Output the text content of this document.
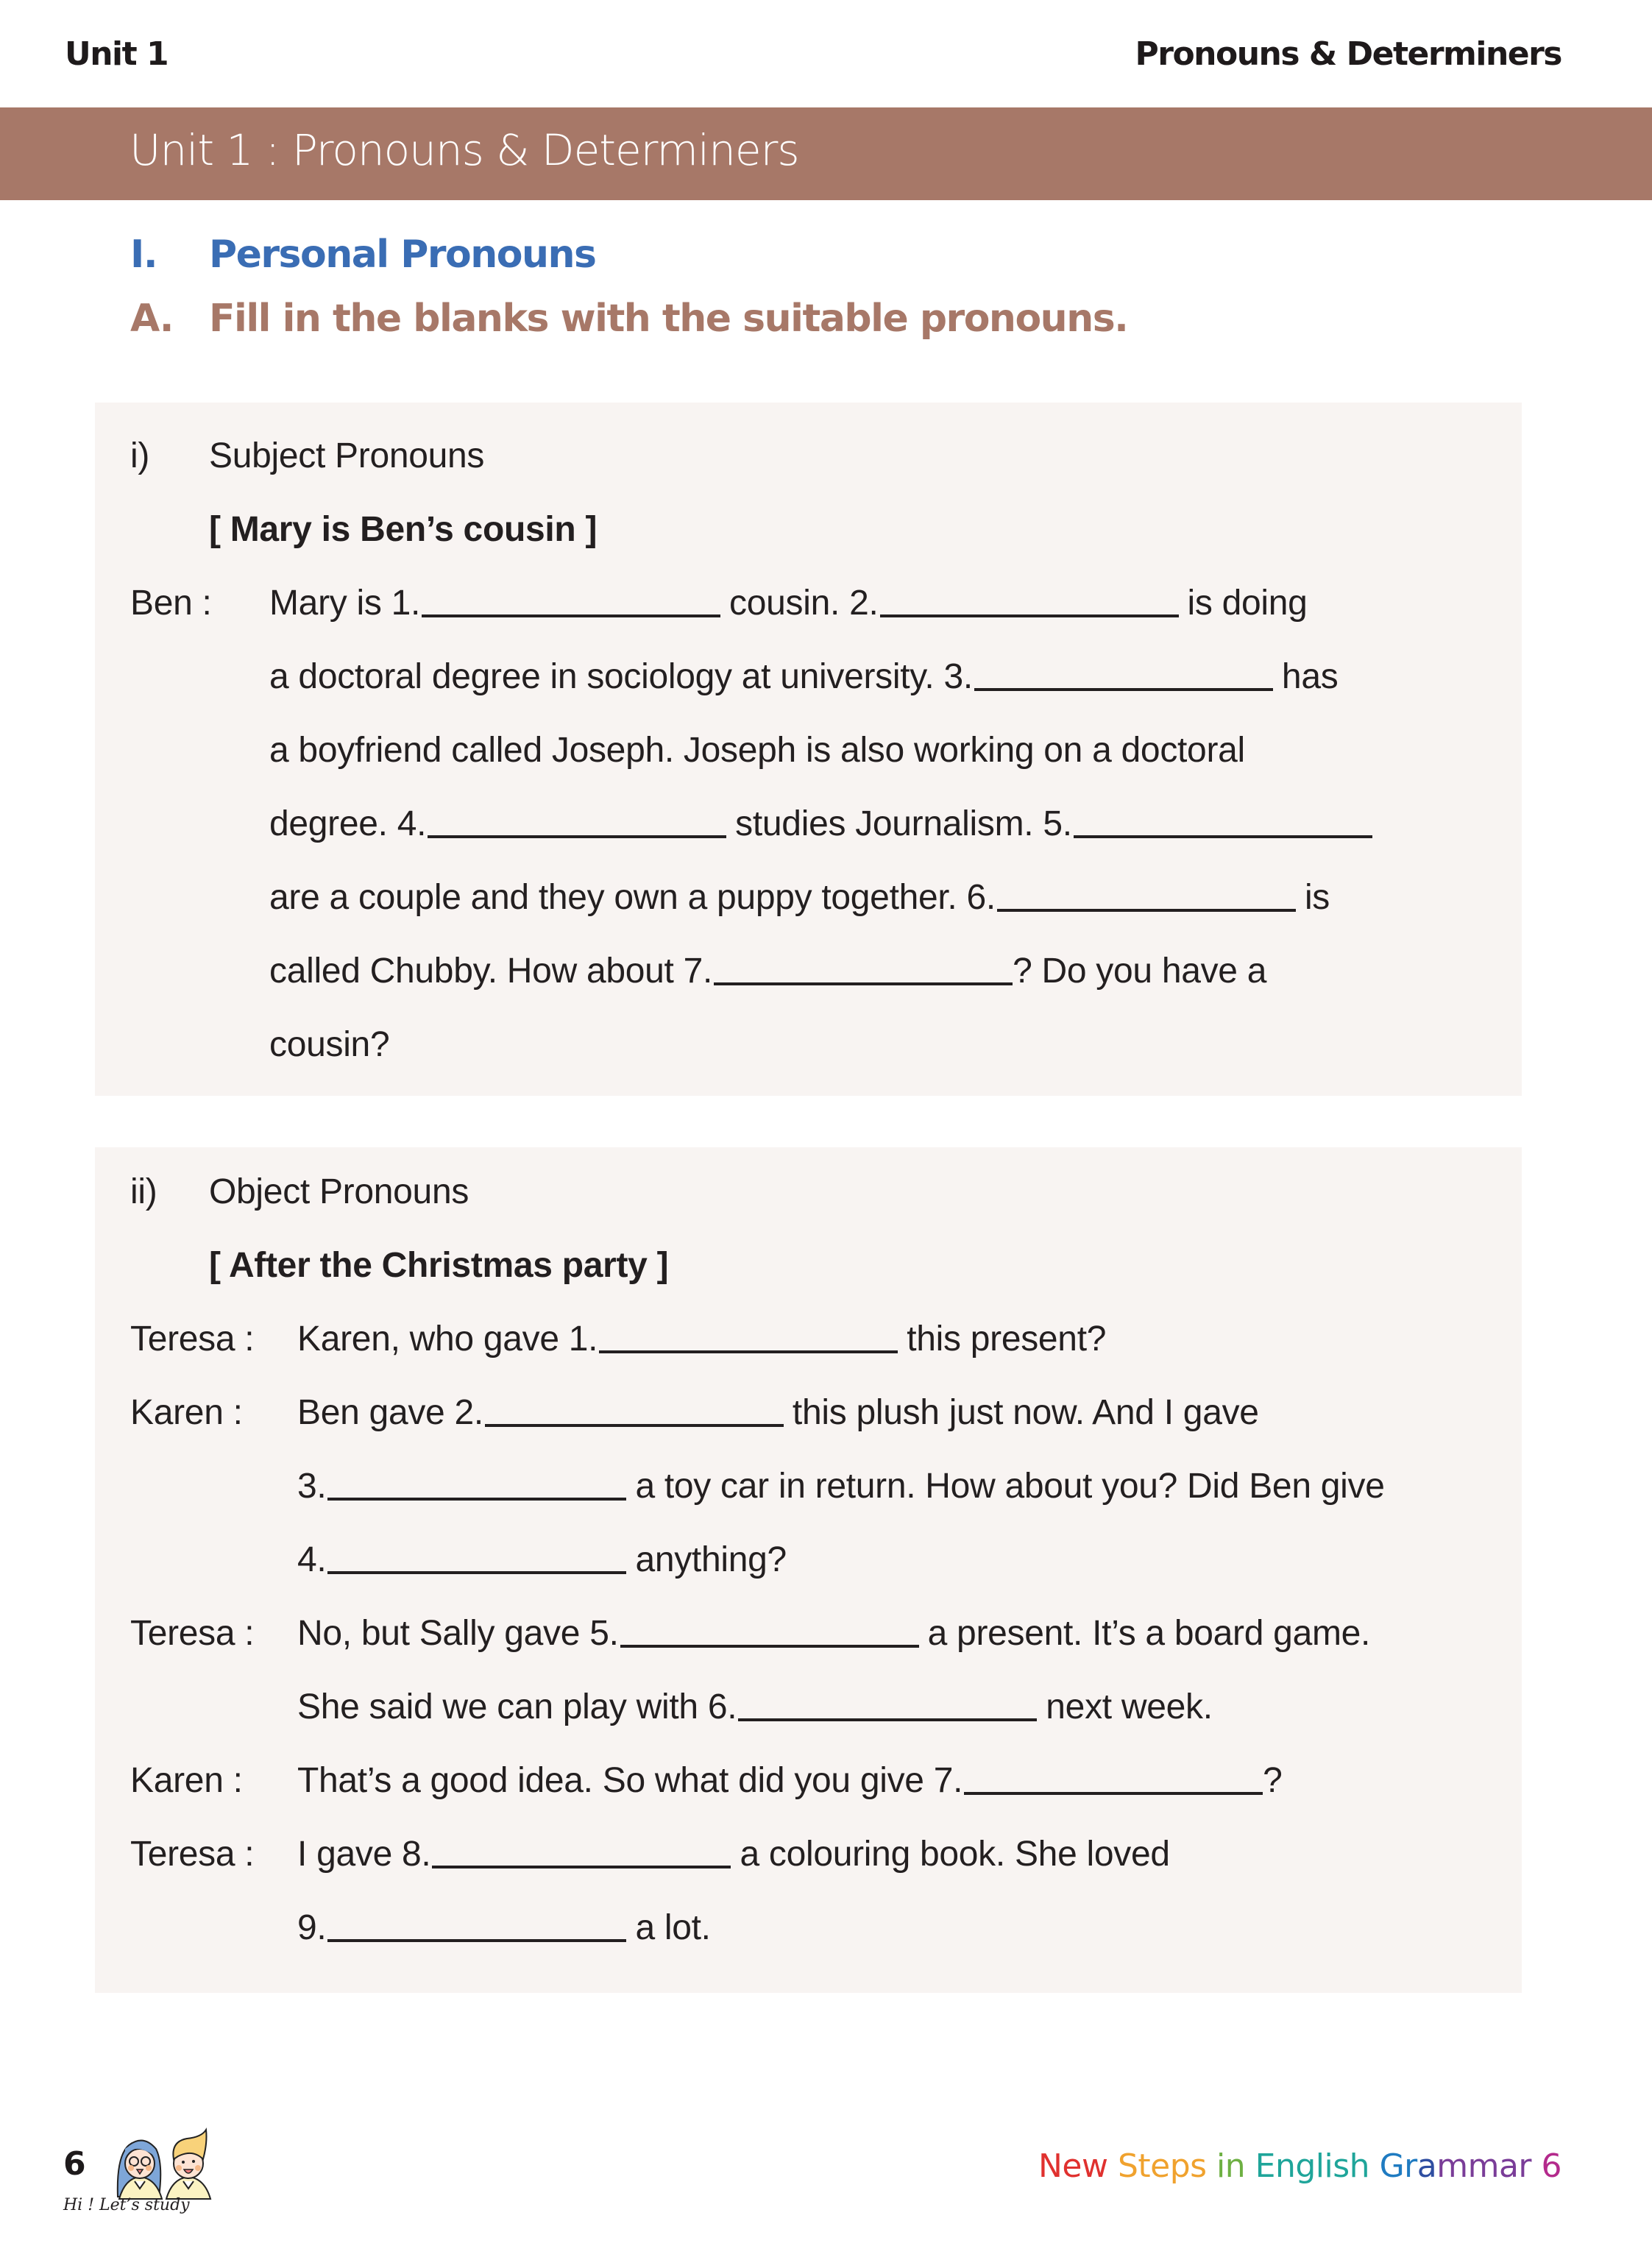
Unit 1	Pronouns & Determiners
Unit 1 : Pronouns & Determiners
I. Personal Pronouns
A. Fill in the blanks with the suitable pronouns.
i) Subject Pronouns
[ Mary is Ben’s cousin ]
Ben : Mary is 1.	cousin. 2.	is doing
a doctoral degree in sociology at university. 3.	has
a boyfriend called Joseph. Joseph is also working on a doctoral
degree. 4.	studies Journalism. 5.
are a couple and they own a puppy together. 6.	is
called Chubby. How about 7.	? Do you have a
cousin?
ii) Object Pronouns
[ After the Christmas party ]
Teresa : Karen, who gave 1.	this present?
Karen : Ben gave 2.	this plush just now. And I gave
3.	a toy car in return. How about you? Did Ben give
4.	anything?
Teresa : No, but Sally gave 5.	a present. It’s a board game.
She said we can play with 6.	next week.
Karen : That’s a good idea. So what did you give 7.	?
Teresa : I gave 8.	a colouring book. She loved
9.	a lot.
6
Hi ! Let’s study
New Steps in English Grammar 6
